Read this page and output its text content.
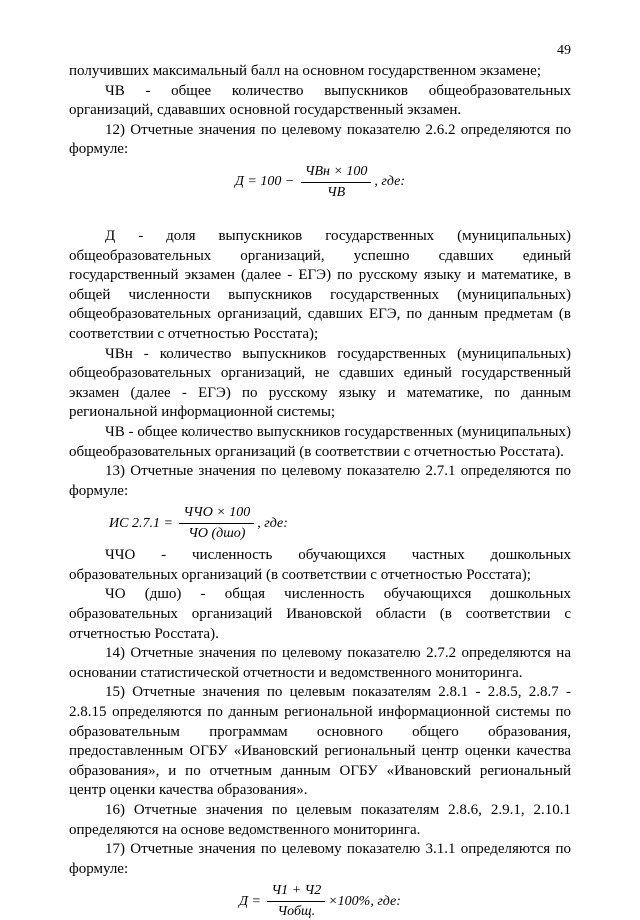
49

получивших максимальный балл на основном государственном экзамене;

ЧВ - общее количество выпускников общеобразовательных организаций, сдававших основной государственный экзамен.

12) Отчетные значения по целевому показателю 2.6.2 определяются по формуле:

$Д = 100 - \frac{\text{ЧВн × 100}}{ЧВ}$ , где:

Д - доля выпускников государственных (муниципальных) общеобразовательных организаций, успешно сдавших единый государственный экзамен (далее - ЕГЭ) по русскому языку и математике, в общей численности выпускников государственных (муниципальных) общеобразовательных организаций, сдавших ЕГЭ, по данным предметам (в соответствии с отчетностью Росстата);

ЧВн - количество выпускников государственных (муниципальных) общеобразовательных организаций, не сдавших единый государственный экзамен (далее - ЕГЭ) по русскому языку и математике, по данным региональной информационной системы;

ЧВ - общее количество выпускников государственных (муниципальных) общеобразовательных организаций (в соответствии с отчетностью Росстата).

13) Отчетные значения по целевому показателю 2.7.1 определяются по формуле:

ИС $2.7.1 = \frac{\text{ЧЧО × 100}}{\text{ЧО (дшо)}}$ , где:

ЧЧО - численность обучающихся частных дошкольных образовательных организаций (в соответствии с отчетностью Росстата);

ЧО (дшо) - общая численность обучающихся дошкольных образовательных организаций Ивановской области (в соответствии с отчетностью Росстата).

14) Отчетные значения по целевому показателю 2.7.2 определяются на основании статистической отчетности и ведомственного мониторинга.

15) Отчетные значения по целевым показателям 2.8.1 - 2.8.5, 2.8.7 - 2.8.15 определяются по данным региональной информационной системы по образовательным программам основного общего образования, предоставленным ОГБУ «Ивановский региональный центр оценки качества образования», и по отчетным данным ОГБУ «Ивановский региональный центр оценки качества образования».

16) Отчетные значения по целевым показателям 2.8.6, 2.9.1, 2.10.1 определяются на основе ведомственного мониторинга.

17) Отчетные значения по целевому показателю 3.1.1 определяются по формуле:

$Д = \frac{Ч1 + Ч2}{\text{Чобщ.}} \times 100\%$, где:
